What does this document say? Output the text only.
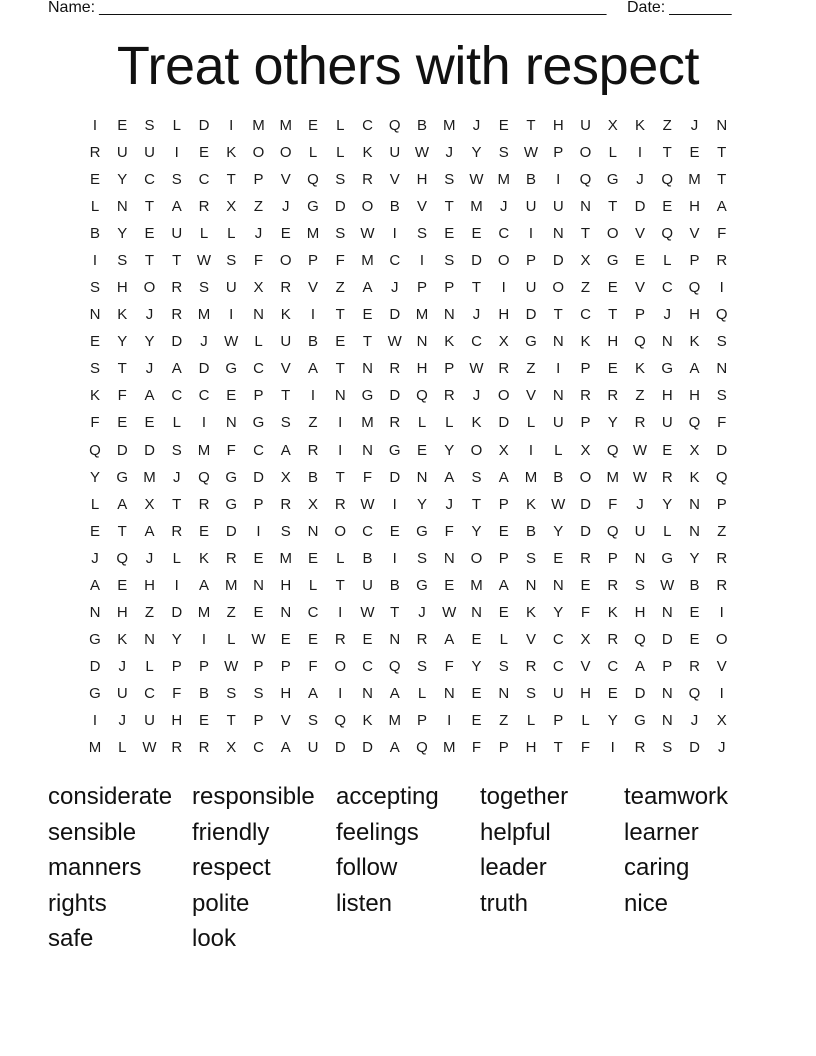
Name: _________________________________________________________ Date: _______
Treat others with respect
I	E	S	L	D	I	M M	E	L	C	Q	B	M	J	E	T	H	U	X	K	Z	J	N
R	U	U	I	E	K	O	O	L	L	K	U W	J	Y	S	W	P	O	L	I	T	E	T
E	Y	C	S	C	T	P	V	Q	S	R	V	H	S	W M	B	I	Q	G	J	Q	M	T
L	N	T	A	R	X	Z	J	G	D	O	B	V	T	M	J	U	U	N	T	D	E	H	A
B	Y	E	U	L	L	J	E	M	S	W	I	S	E	E	C	I	N	T	O	V	Q	V	F
I	S	T	T	W	S	F	O	P	F	M	C	I	S	D	O	P	D	X	G	E	L	P	R
S	H	O	R	S	U	X	R	V	Z	A	J	P	P	T	I	U	O	Z	E	V	C	Q	I
N	K	J	R	M	I	N	K	I	T	E	D	M	N	J	H	D	T	C	T	P	J	H	Q
E	Y	Y	D	J	W	L	U	B	E	T	W N	K	C	X	G	N	K	H	Q	N	K	S
S	T	J	A	D	G	C	V	A	T	N	R	H	P	W R	Z	I	P	E	K	G	A	N
K	F	A	C	C	E	P	T	I	N	G	D	Q	R	J	O	V	N	R	R	Z	H	H	S
F	E	E	L	I	N	G	S	Z	I	M	R	L	L	K	D	L	U	P	Y	R	U	Q	F
Q	D	D	S	M	F	C	A	R	I	N	G	E	Y	O	X	I	L	X	Q W	E	X	D
Y	G	M	J	Q	G	D	X	B	T	F	D	N	A	S	A	M	B	O	M W R	K	Q
L	A	X	T	R	G	P	R	X	R W	I	Y	J	T	P	K	W D	F	J	Y	N	P
E	T	A	R	E	D	I	S	N	O	C	E	G	F	Y	E	B	Y	D	Q	U	L	N	Z
J	Q	J	L	K	R	E	M	E	L	B	I	S	N	O	P	S	E	R	P	N	G	Y	R
A	E	H	I	A	M	N	H	L	T	U	B	G	E	M	A	N	N	E	R	S	W	B	R
N	H	Z	D	M	Z	E	N	C	I	W	T	J	W N	E	K	Y	F	K	H	N	E	I
G	K	N	Y	I	L	W	E	E	R	E	N	R	A	E	L	V	C	X	R	Q	D	E	O
D	J	L	P	P	W	P	P	F	O	C	Q	S	F	Y	S	R	C	V	C	A	P	R	V
G	U	C	F	B	S	S	H	A	I	N	A	L	N	E	N	S	U	H	E	D	N	Q	I
I	J	U	H	E	T	P	V	S	Q	K	M	P	I	E	Z	L	P	L	Y	G	N	J	X
M	L	W R	R	X	C	A	U	D	D	A	Q	M	F	P	H	T	F	I	R	S	D	J
considerate responsible accepting	together	teamwork
sensible	friendly	feelings	helpful	learner
manners	respect	follow	leader	caring
rights	polite	listen	truth	nice
safe	look
